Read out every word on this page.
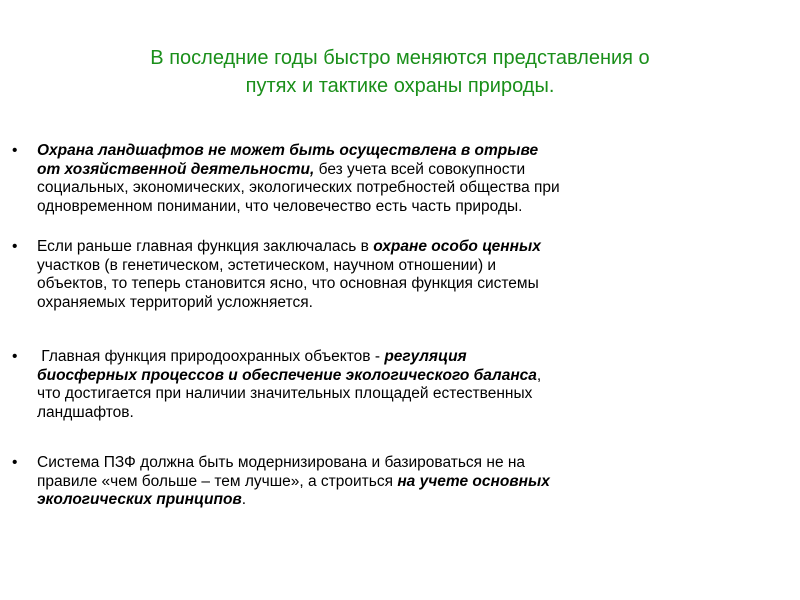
В последние годы быстро меняются представления о
путях и тактике охраны природы.
• Охрана ландшафтов не может быть осуществлена в отрыве
от хозяйственной деятельности, без учета всей совокупности
социальных, экономических, экологических потребностей общества при
одновременном понимании, что человечество есть часть природы.
• Если раньше главная функция заключалась в охране особо ценных
участков (в генетическом, эстетическом, научном отношении) и
объектов, то теперь становится ясно, что основная функция системы
охраняемых территорий усложняется.
• Главная функция природоохранных объектов - регуляция
биосферных процессов и обеспечение экологического баланса,
что достигается при наличии значительных площадей естественных
ландшафтов.
• Система ПЗФ должна быть модернизирована и базироваться не на
правиле «чем больше – тем лучше», а строиться на учете основных
экологических принципов.
